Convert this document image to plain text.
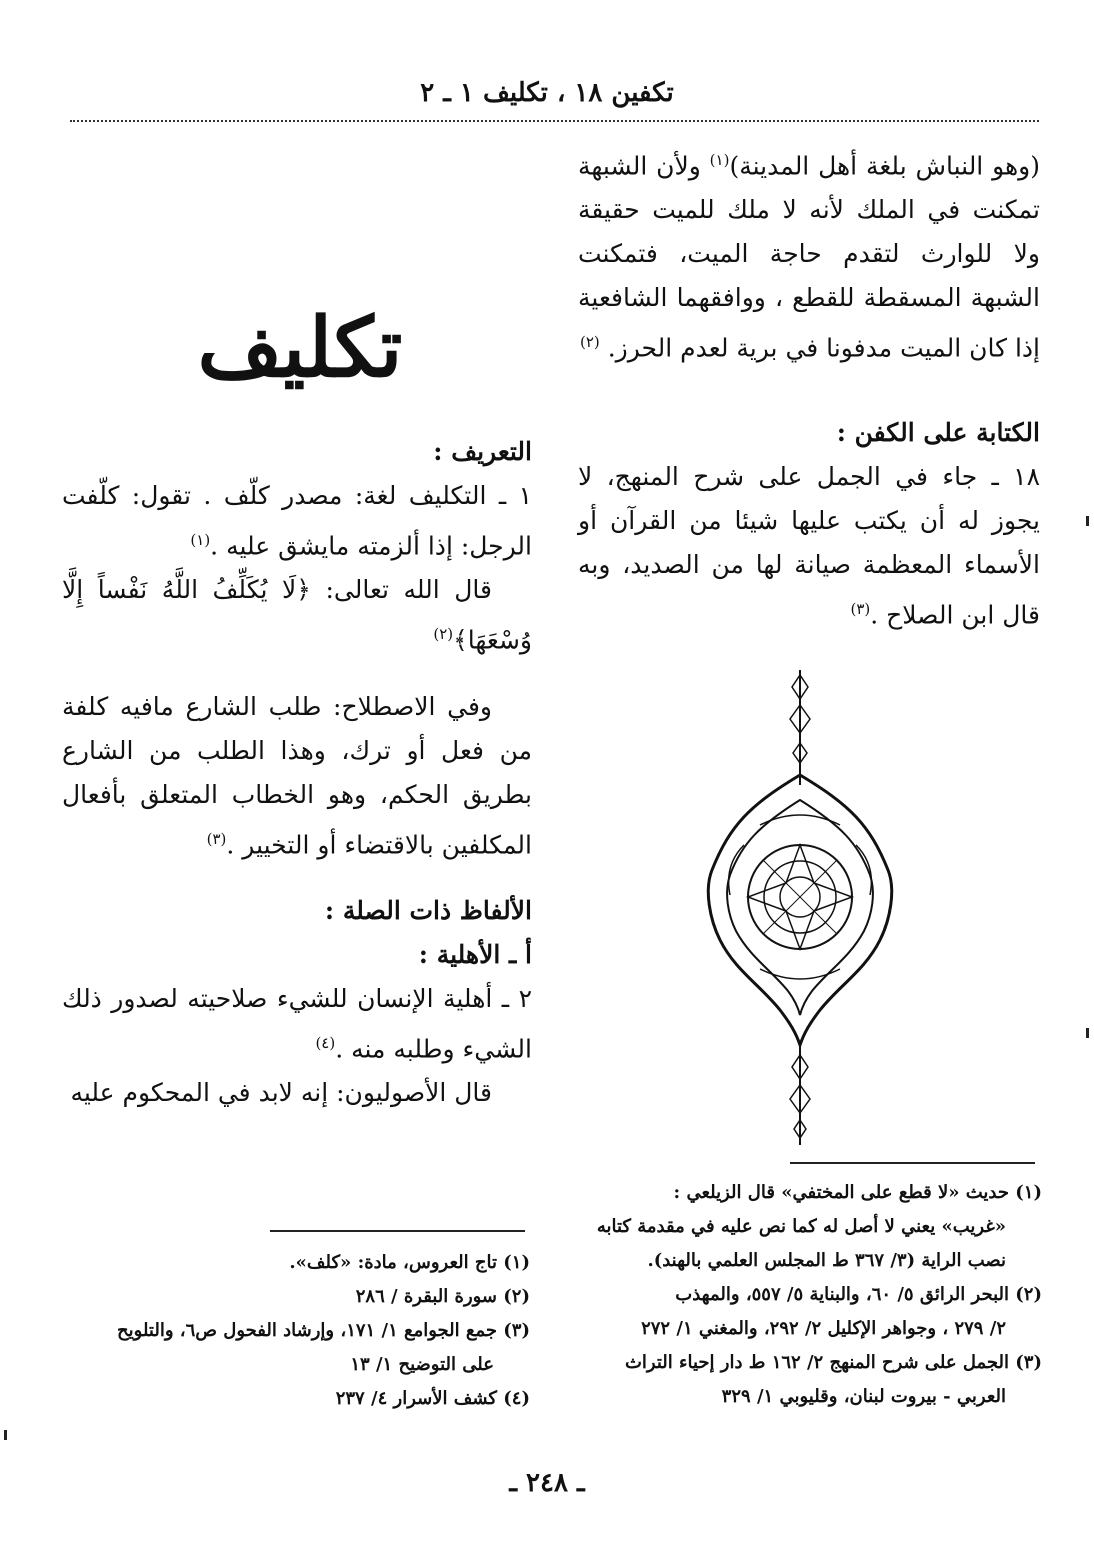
تكفين ١٨ ، تكليف ١ ـ ٢

(وهو النباش بلغة أهل المدينة)$^{(١)}$ ولأن الشبهة تمكنت في الملك لأنه لا ملك للميت حقيقة ولا للوارث لتقدم حاجة الميت، فتمكنت الشبهة المسقطة للقطع ، ووافقهما الشافعية إذا كان الميت مدفونا في برية لعدم الحرز. $^{(٢)}$

الكتابة على الكفن :

١٨ ـ جاء في الجمل على شرح المنهج، لا يجوز له أن يكتب عليها شيئا من القرآن أو الأسماء المعظمة صيانة لها من الصديد، وبه قال ابن الصلاح .$^{(٣)}$

تكليف

التعريف :

١ ـ التكليف لغة: مصدر كلّف . تقول: كلّفت الرجل: إذا ألزمته مايشق عليه .$^{(١)}$

قال الله تعالى: ﴿لَا يُكَلِّفُ اللَّهُ نَفْساً إِلَّا وُسْعَهَا﴾$^{(٢)}$

وفي الاصطلاح: طلب الشارع مافيه كلفة من فعل أو ترك، وهذا الطلب من الشارع بطريق الحكم، وهو الخطاب المتعلق بأفعال المكلفين بالاقتضاء أو التخيير .$^{(٣)}$

الألفاظ ذات الصلة :

أ ـ الأهلية :

٢ ـ أهلية الإنسان للشيء صلاحيته لصدور ذلك الشيء وطلبه منه .$^{(٤)}$

قال الأصوليون: إنه لابد في المحكوم عليه

(١) حديث «لا قطع على المختفي» قال الزيلعي :

«غريب» يعني لا أصل له كما نص عليه في مقدمة كتابه نصب الراية (٣/ ٣٦٧ ط المجلس العلمي بالهند).

(٢) البحر الرائق ٥/ ٦٠، والبناية ٥/ ٥٥٧، والمهذب

٢/ ٢٧٩ ، وجواهر الإكليل ٢/ ٢٩٢، والمغني ١/ ٢٧٢

(٣) الجمل على شرح المنهج ٢/ ١٦٢ ط دار إحياء التراث

العربي - بيروت لبنان، وقليوبي ١/ ٣٢٩

(١) تاج العروس، مادة: «كلف».

(٢) سورة البقرة / ٢٨٦

(٣) جمع الجوامع ١/ ١٧١، وإرشاد الفحول ص٦، والتلويح

على التوضيح ١/ ١٣

(٤) كشف الأسرار ٤/ ٢٣٧

ـ ٢٤٨ ـ
